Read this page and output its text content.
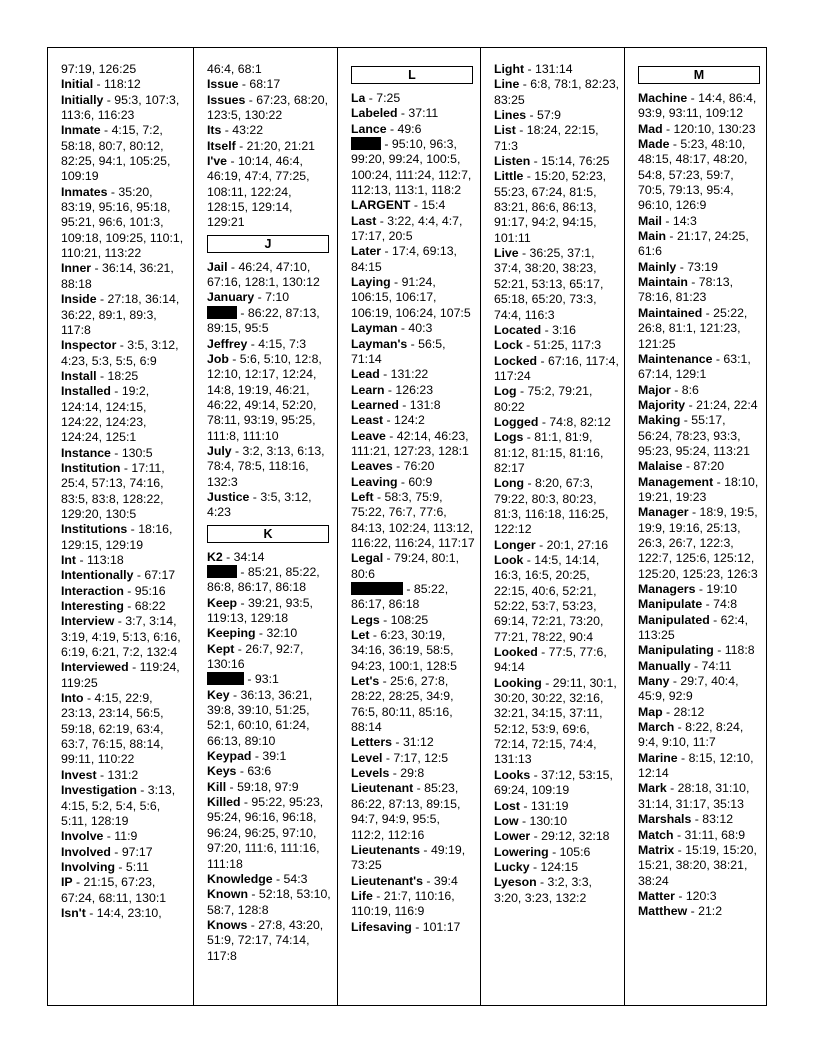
97:19, 126:25

Initial - 118:12

Initially - 95:3, 107:3, 113:6, 116:23

Inmate - 4:15, 7:2, 58:18, 80:7, 80:12, 82:25, 94:1, 105:25, 109:19

Inmates - 35:20, 83:19, 95:16, 95:18, 95:21, 96:6, 101:3, 109:18, 109:25, 110:1, 110:21, 113:22

Inner - 36:14, 36:21, 88:18

Inside - 27:18, 36:14, 36:22, 89:1, 89:3, 117:8

Inspector - 3:5, 3:12, 4:23, 5:3, 5:5, 6:9

Install - 18:25

Installed - 19:2, 124:14, 124:15, 124:22, 124:23, 124:24, 125:1

Instance - 130:5

Institution - 17:11, 25:4, 57:13, 74:16, 83:5, 83:8, 128:22, 129:20, 130:5

Institutions - 18:16, 129:15, 129:19

Int - 113:18

Intentionally - 67:17

Interaction - 95:16

Interesting - 68:22

Interview - 3:7, 3:14, 3:19, 4:19, 5:13, 6:16, 6:19, 6:21, 7:2, 132:4

Interviewed - 119:24, 119:25

Into - 4:15, 22:9, 23:13, 23:14, 56:5, 59:18, 62:19, 63:4, 63:7, 76:15, 88:14, 99:11, 110:22

Invest - 131:2

Investigation - 3:13, 4:15, 5:2, 5:4, 5:6, 5:11, 128:19

Involve - 11:9

Involved - 97:17

Involving - 5:11

IP - 21:15, 67:23, 67:24, 68:11, 130:1

Isn't - 14:4, 23:10,

46:4, 68:1

Issue - 68:17

Issues - 67:23, 68:20, 123:5, 130:22

Its - 43:22

Itself - 21:20, 21:21

I've - 10:14, 46:4, 46:19, 47:4, 77:25, 108:11, 122:24, 128:15, 129:14, 129:21

J

Jail - 46:24, 47:10, 67:16, 128:1, 130:12

January - 7:10

- 86:22, 87:13, 89:15, 95:5

Jeffrey - 4:15, 7:3

Job - 5:6, 5:10, 12:8, 12:10, 12:17, 12:24, 14:8, 19:19, 46:21, 46:22, 49:14, 52:20, 78:11, 93:19, 95:25, 111:8, 111:10

July - 3:2, 3:13, 6:13, 78:4, 78:5, 118:16, 132:3

Justice - 3:5, 3:12, 4:23

K

K2 - 34:14

- 85:21, 85:22, 86:8, 86:17, 86:18

Keep - 39:21, 93:5, 119:13, 129:18

Keeping - 32:10

Kept - 26:7, 92:7, 130:16

- 93:1

Key - 36:13, 36:21, 39:8, 39:10, 51:25, 52:1, 60:10, 61:24, 66:13, 89:10

Keypad - 39:1

Keys - 63:6

Kill - 59:18, 97:9

Killed - 95:22, 95:23, 95:24, 96:16, 96:18, 96:24, 96:25, 97:10, 97:20, 111:6, 111:16, 111:18

Knowledge - 54:3

Known - 52:18, 53:10, 58:7, 128:8

Knows - 27:8, 43:20, 51:9, 72:17, 74:14, 117:8

L

La - 7:25

Labeled - 37:11

Lance - 49:6

- 95:10, 96:3, 99:20, 99:24, 100:5, 100:24, 111:24, 112:7, 112:13, 113:1, 118:2

LARGENT - 15:4

Last - 3:22, 4:4, 4:7, 17:17, 20:5

Later - 17:4, 69:13, 84:15

Laying - 91:24, 106:15, 106:17, 106:19, 106:24, 107:5

Layman - 40:3

Layman's - 56:5, 71:14

Lead - 131:22

Learn - 126:23

Learned - 131:8

Least - 124:2

Leave - 42:14, 46:23, 111:21, 127:23, 128:1

Leaves - 76:20

Leaving - 60:9

Left - 58:3, 75:9, 75:22, 76:7, 77:6, 84:13, 102:24, 113:12, 116:22, 116:24, 117:17

Legal - 79:24, 80:1, 80:6

- 85:22, 86:17, 86:18

Legs - 108:25

Let - 6:23, 30:19, 34:16, 36:19, 58:5, 94:23, 100:1, 128:5

Let's - 25:6, 27:8, 28:22, 28:25, 34:9, 76:5, 80:11, 85:16, 88:14

Letters - 31:12

Level - 7:17, 12:5

Levels - 29:8

Lieutenant - 85:23, 86:22, 87:13, 89:15, 94:7, 94:9, 95:5, 112:2, 112:16

Lieutenants - 49:19, 73:25

Lieutenant's - 39:4

Life - 21:7, 110:16, 110:19, 116:9

Lifesaving - 101:17

Light - 131:14

Line - 6:8, 78:1, 82:23, 83:25

Lines - 57:9

List - 18:24, 22:15, 71:3

Listen - 15:14, 76:25

Little - 15:20, 52:23, 55:23, 67:24, 81:5, 83:21, 86:6, 86:13, 91:17, 94:2, 94:15, 101:11

Live - 36:25, 37:1, 37:4, 38:20, 38:23, 52:21, 53:13, 65:17, 65:18, 65:20, 73:3, 74:4, 116:3

Located - 3:16

Lock - 51:25, 117:3

Locked - 67:16, 117:4, 117:24

Log - 75:2, 79:21, 80:22

Logged - 74:8, 82:12

Logs - 81:1, 81:9, 81:12, 81:15, 81:16, 82:17

Long - 8:20, 67:3, 79:22, 80:3, 80:23, 81:3, 116:18, 116:25, 122:12

Longer - 20:1, 27:16

Look - 14:5, 14:14, 16:3, 16:5, 20:25, 22:15, 40:6, 52:21, 52:22, 53:7, 53:23, 69:14, 72:21, 73:20, 77:21, 78:22, 90:4

Looked - 77:5, 77:6, 94:14

Looking - 29:11, 30:1, 30:20, 30:22, 32:16, 32:21, 34:15, 37:11, 52:12, 53:9, 69:6, 72:14, 72:15, 74:4, 131:13

Looks - 37:12, 53:15, 69:24, 109:19

Lost - 131:19

Low - 130:10

Lower - 29:12, 32:18

Lowering - 105:6

Lucky - 124:15

Lyeson - 3:2, 3:3, 3:20, 3:23, 132:2

M

Machine - 14:4, 86:4, 93:9, 93:11, 109:12

Mad - 120:10, 130:23

Made - 5:23, 48:10, 48:15, 48:17, 48:20, 54:8, 57:23, 59:7, 70:5, 79:13, 95:4, 96:10, 126:9

Mail - 14:3

Main - 21:17, 24:25, 61:6

Mainly - 73:19

Maintain - 78:13, 78:16, 81:23

Maintained - 25:22, 26:8, 81:1, 121:23, 121:25

Maintenance - 63:1, 67:14, 129:1

Major - 8:6

Majority - 21:24, 22:4

Making - 55:17, 56:24, 78:23, 93:3, 95:23, 95:24, 113:21

Malaise - 87:20

Management - 18:10, 19:21, 19:23

Manager - 18:9, 19:5, 19:9, 19:16, 25:13, 26:3, 26:7, 122:3, 122:7, 125:6, 125:12, 125:20, 125:23, 126:3

Managers - 19:10

Manipulate - 74:8

Manipulated - 62:4, 113:25

Manipulating - 118:8

Manually - 74:11

Many - 29:7, 40:4, 45:9, 92:9

Map - 28:12

March - 8:22, 8:24, 9:4, 9:10, 11:7

Marine - 8:15, 12:10, 12:14

Mark - 28:18, 31:10, 31:14, 31:17, 35:13

Marshals - 83:12

Match - 31:11, 68:9

Matrix - 15:19, 15:20, 15:21, 38:20, 38:21, 38:24

Matter - 120:3

Matthew - 21:2
